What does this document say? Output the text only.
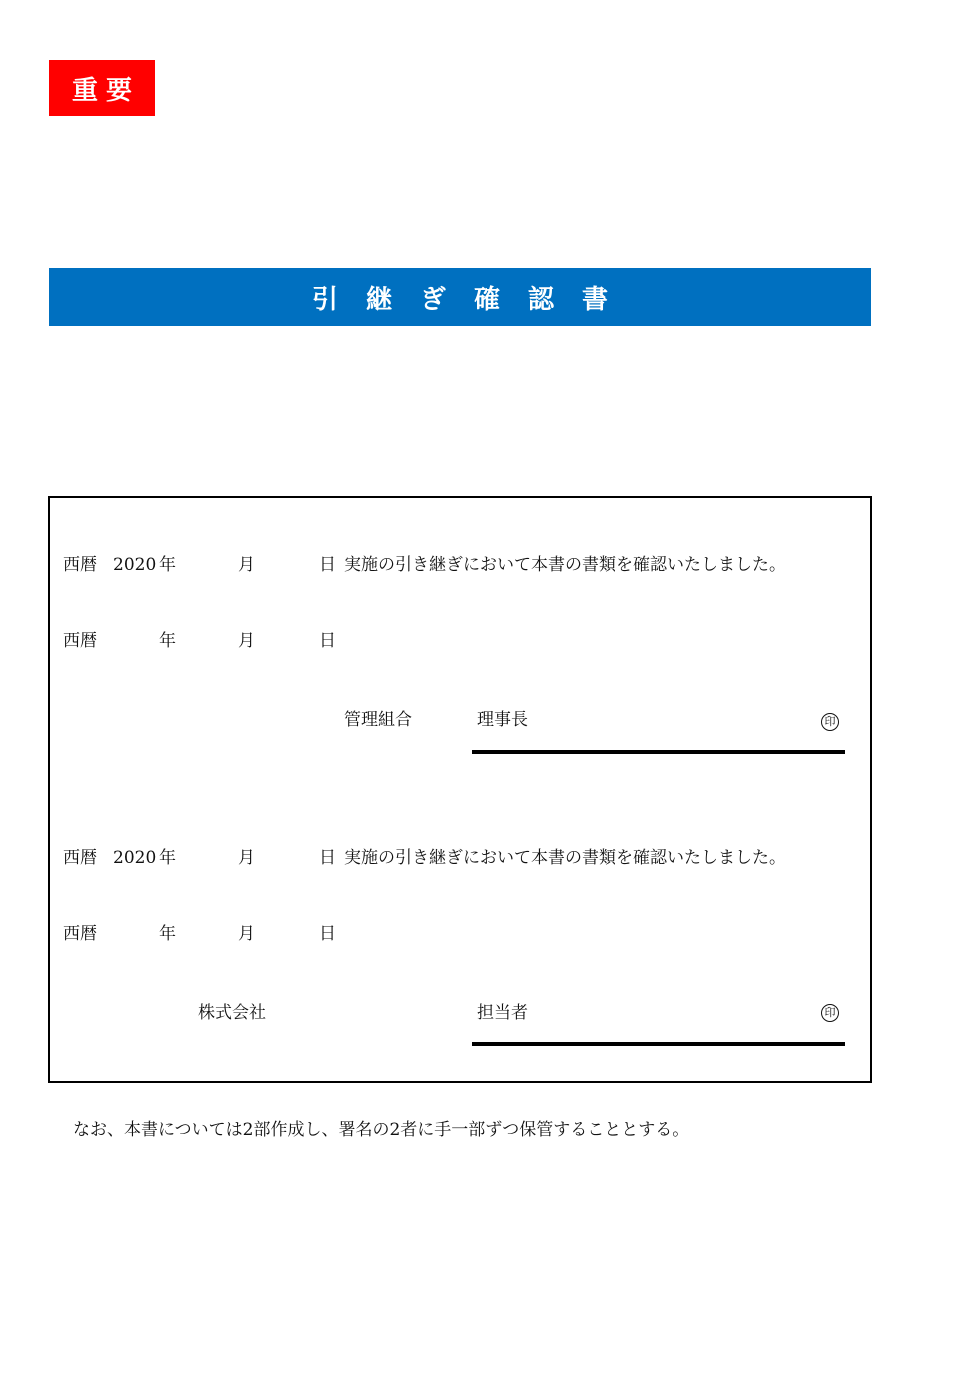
重要
引継ぎ確認書
西暦 2020 年	月	日 実施の引き継ぎにおいて本書の書類を確認いたしました。
西暦	年	月	日
管理組合	理事長	印
西暦 2020 年	月	日 実施の引き継ぎにおいて本書の書類を確認いたしました。
西暦	年	月	日
株式会社	担当者	印
なお、本書については2部作成し、署名の2者に手一部ずつ保管することとする。
